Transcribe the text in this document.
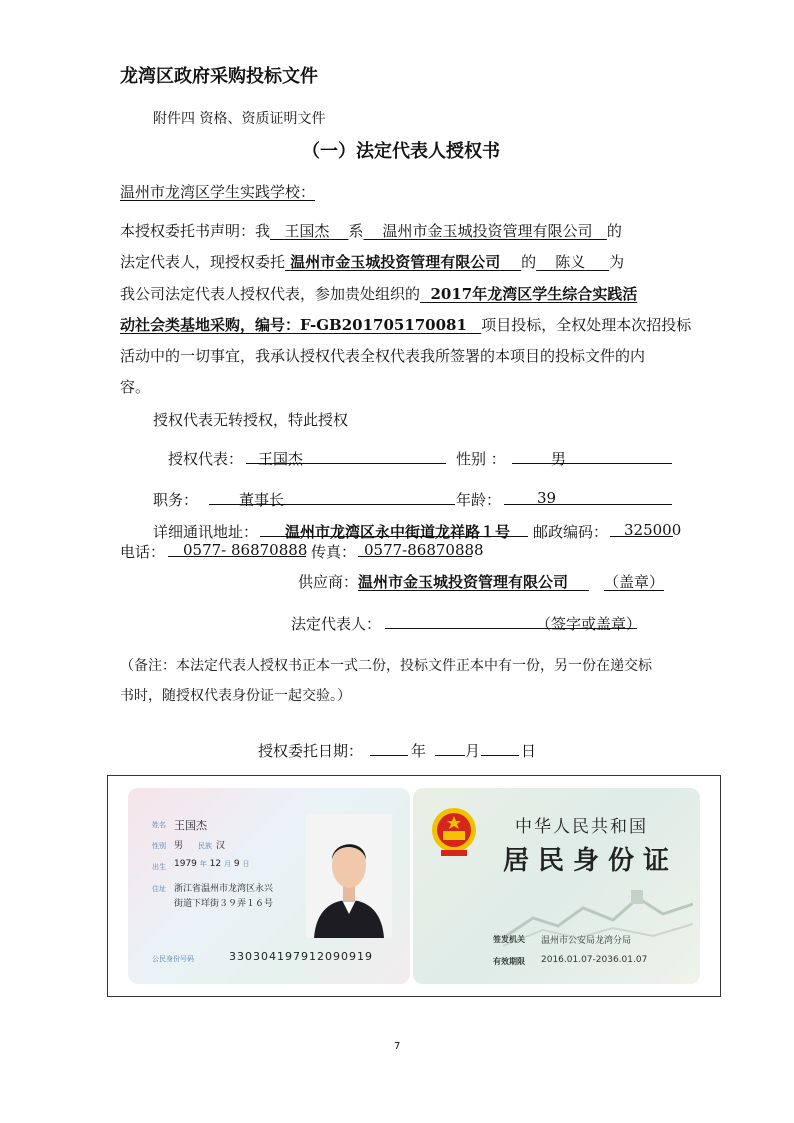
龙湾区政府采购投标文件
附件四 资格、资质证明文件
（一）法定代表人授权书
温州市龙湾区学生实践学校：
本授权委托书声明：我 王国杰 系 温州市金玉城投资管理有限公司 的
法定代表人，现授权委托 温州市金玉城投资管理有限公司 的 陈义 为
我公司法定代表人授权代表，参加贵处组织的 2017年龙湾区学生综合实践活
动社会类基地采购，编号：F-GB201705170081 项目投标，全权处理本次招投标
活动中的一切事宜，我承认授权代表全权代表我所签署的本项目的投标文件的内
容。
授权代表无转授权，特此授权
授权代表： 王国杰	性别 ：	男
职务：	董事长	年龄： 39
详细通讯地址： 温州市龙湾区永中街道龙祥路１号 邮政编码： 325000
电话： 0577- 86870888 传真： 0577-86870888
供应商： 温州市金玉城投资管理有限公司	（盖章）
法定代表人：	（签字或盖章）
（备注：本法定代表人授权书正本一式二份，投标文件正本中有一份，另一份在递交标
书时，随授权代表身份证一起交验。）
授权委托日期：	年	月	日
姓名 王国杰
性别 男 民族 汉
出生 1979 年 12 月 9 日
住址 浙江省温州市龙湾区永兴
街道下垟街３９弄１６号
公民身份号码	330304197912090919
中华人民共和国
居民身份证
签发机关 温州市公安局龙湾分局
有效期限 2016.01.07-2036.01.07
7
